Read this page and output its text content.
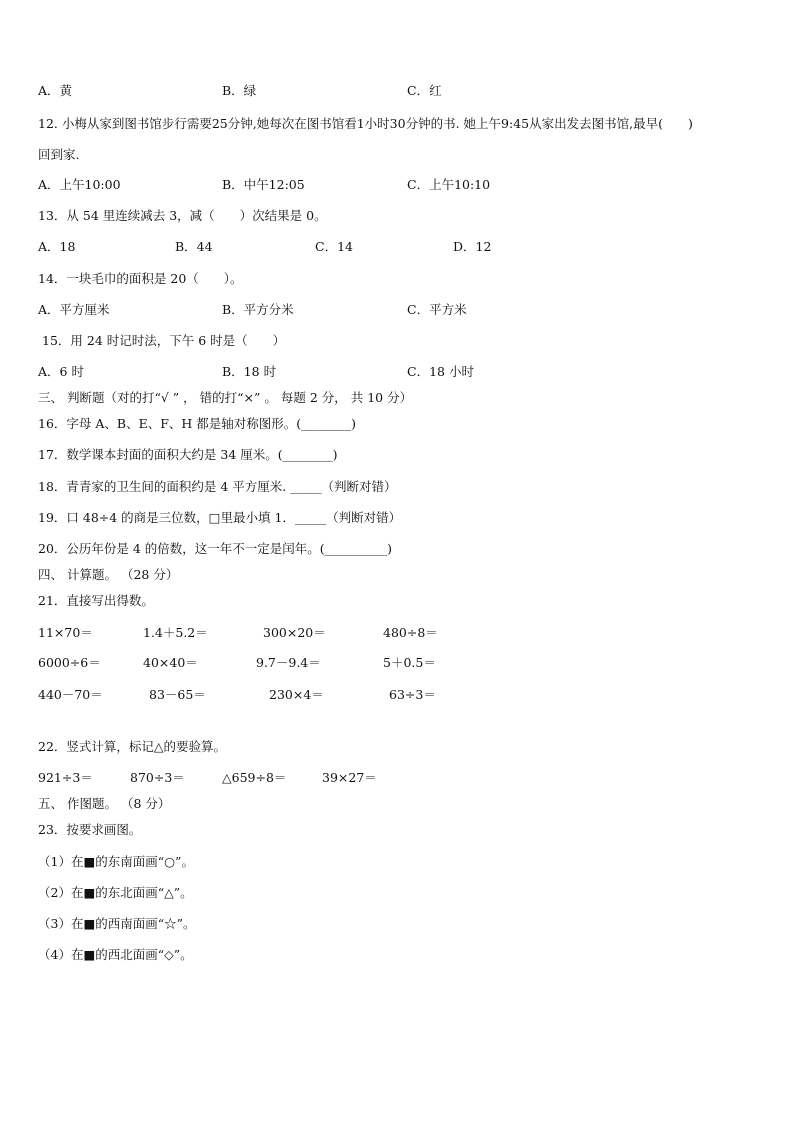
A．黄	B．绿	C．红
12. 小梅从家到图书馆步行需要25分钟,她每次在图书馆看1小时30分钟的书. 她上午9:45从家出发去图书馆,最早(　　)
回到家.
A．上午10:00	B．中午12:05	C．上午10:10
13．从 54 里连续减去 3，减（　　）次结果是 0。
A．18	B．44	C．14	D．12
14．一块毛巾的面积是 20（　　）。
A．平方厘米	B．平方分米	C．平方米
15．用 24 时记时法，下午 6 时是（　　）
A．6 时	B．18 时	C．18 小时
三、 判断题（对的打“√ ” ， 错的打“×” 。 每题 2 分， 共 10 分）
16．字母 A、B、E、F、H 都是轴对称图形。(________)
17．数学课本封面的面积大约是 34 厘米。(________)
18．青青家的卫生间的面积约是 4 平方厘米. _____（判断对错）
19．口 48÷4 的商是三位数，□里最小填 1．_____（判断对错）
20．公历年份是 4 的倍数，这一年不一定是闰年。(__________)
四、 计算题。 （28 分）
21．直接写出得数。
11×70＝	1.4＋5.2＝	300×20＝	480÷8＝
6000÷6＝	40×40＝	9.7－9.4＝	5＋0.5＝
440－70＝	83－65＝	230×4＝	63÷3＝
22．竖式计算，标记△的要验算。
921÷3＝	870÷3＝	△659÷8＝	39×27＝
五、 作图题。 （8 分）
23．按要求画图。
（1）在■的东南面画“○”。
（2）在■的东北面画“△”。
（3）在■的西南面画“☆”。
（4）在■的西北面画“◇”。
